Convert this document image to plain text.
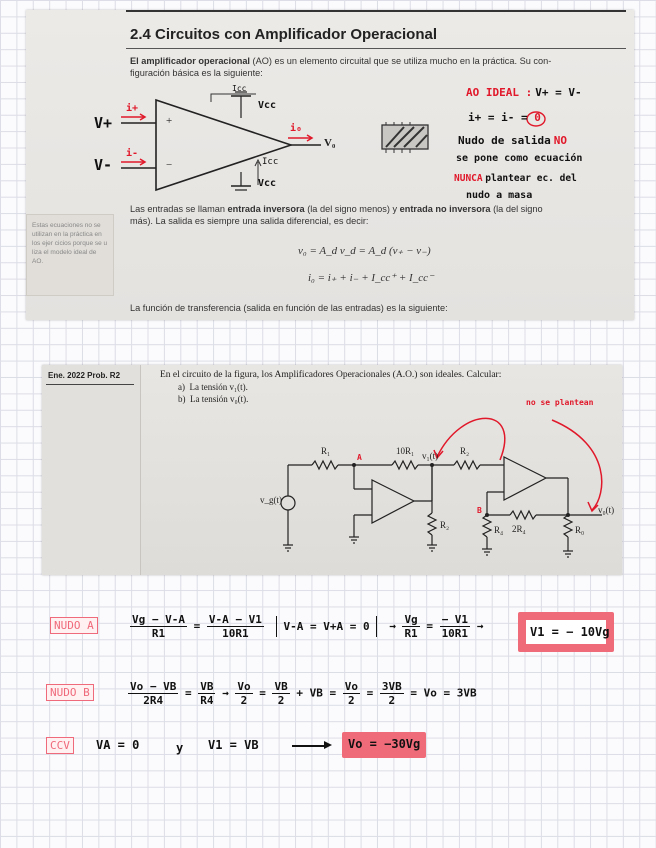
2.4 Circuitos con Amplificador Operacional
El amplificador operacional (AO) es un elemento circuital que se utiliza mucho en la práctica. Su con-
figuración básica es la siguiente:
+
−
V+
V-
i+
i-
i₀
V₀
Vcc
Vcc
Icc
Icc
AO IDEAL : V+ = V-
i+ = i- = 0
Nudo de salida NO
se pone como ecuación
NUNCA plantear ec. del
nudo a masa
Las entradas se llaman entrada inversora (la del signo menos) y entrada no inversora (la del signo
más). La salida es siempre una salida diferencial, es decir:
Estas ecuaciones no se utilizan en la práctica en los ejer cicios porque se u liza el modelo ideal de AO.
v₀ = A_d v_d = A_d (v₊ − v₋)
i₀ = i₊ + i₋ + I_cc⁺ + I_cc⁻
La función de transferencia (salida en función de las entradas) es la siguiente:
Ene. 2022 Prob. R2	En el circuito de la figura, los Amplificadores Operacionales (A.O.) son ideales. Calcular:
a) La tensión v₁(t).
b) La tensión v₀(t).	no se plantean
R₁	10R₁ v₁(t) R₂
R₂
v_g(t)
R₄ 2R₄	R₀
v₀(t)
A
B
NUDO A	$\frac{Vg - V-A}{R1} = \frac{V-A - V1}{10R1} V-A = V+A = 0 \to \frac{Vg}{R1} = \frac{- V1}{10R1}$ →	V1 = − 10Vg
NUDO B	$\frac{Vo - VB}{2R4} = \frac{VB}{R4} \to \frac{Vo}{2} = \frac{VB}{2}$ + VB = $\frac{Vo}{2} = \frac{3VB}{2} = Vo = 3VB$
CCV	VA = 0	y V1 = VB	Vo = −30Vg
